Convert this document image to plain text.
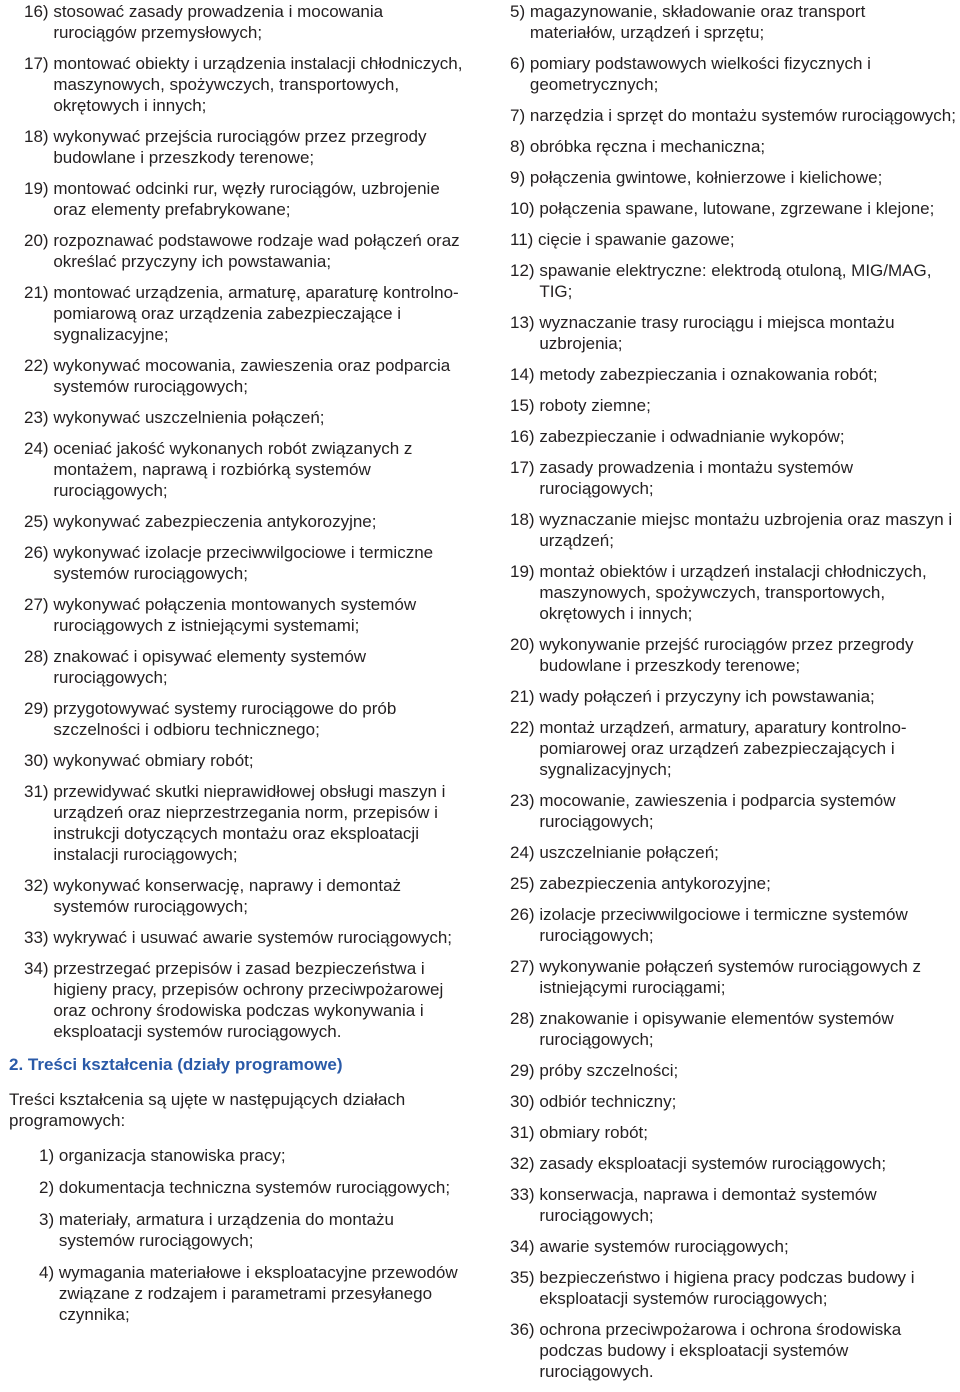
16)
stosować zasady prowadzenia i mocowania rurociągów przemysłowych;
17)
montować obiekty i urządzenia instalacji chłodniczych, maszynowych, spożywczych, transportowych, okrętowych i innych;
18)
wykonywać przejścia rurociągów przez przegrody budowlane i przeszkody terenowe;
19)
montować odcinki rur, węzły rurociągów, uzbrojenie oraz elementy prefabrykowane;
20)
rozpoznawać podstawowe rodzaje wad połączeń oraz określać przyczyny ich powstawania;
21)
montować urządzenia, armaturę, aparaturę kontrolno-pomiarową oraz urządzenia zabezpieczające i sygnalizacyjne;
22)
wykonywać mocowania, zawieszenia oraz podparcia systemów rurociągowych;
23)
wykonywać uszczelnienia połączeń;
24)
oceniać jakość wykonanych robót związanych z montażem, naprawą i rozbiórką systemów rurociągowych;
25)
wykonywać zabezpieczenia antykorozyjne;
26)
wykonywać izolacje przeciwwilgociowe i termiczne systemów rurociągowych;
27)
wykonywać połączenia montowanych systemów rurociągowych z istniejącymi systemami;
28)
znakować i opisywać elementy systemów rurociągowych;
29)
przygotowywać systemy rurociągowe do prób szczelności i odbioru technicznego;
30)
wykonywać obmiary robót;
31)
przewidywać skutki nieprawidłowej obsługi maszyn i urządzeń oraz nieprzestrzegania norm, przepisów i instrukcji dotyczących montażu oraz eksploatacji instalacji rurociągowych;
32)
wykonywać konserwację, naprawy i demontaż systemów rurociągowych;
33)
wykrywać i usuwać awarie systemów rurociągowych;
34)
przestrzegać przepisów i zasad bezpieczeństwa i higieny pracy, przepisów ochrony przeciwpożarowej oraz ochrony środowiska podczas wykonywania i eksploatacji systemów rurociągowych.
2. Treści kształcenia (działy programowe)
Treści kształcenia są ujęte w następujących działach programowych:
1)
organizacja stanowiska pracy;
2)
dokumentacja techniczna systemów rurociągowych;
3)
materiały, armatura i urządzenia do montażu systemów rurociągowych;
4)
wymagania materiałowe i eksploatacyjne przewodów związane z rodzajem i parametrami przesyłanego czynnika;
5)
magazynowanie, składowanie oraz transport materiałów, urządzeń i sprzętu;
6)
pomiary podstawowych wielkości fizycznych i geometrycznych;
7)
narzędzia i sprzęt do montażu systemów rurociągowych;
8)
obróbka ręczna i mechaniczna;
9)
połączenia gwintowe, kołnierzowe i kielichowe;
10)
połączenia spawane, lutowane, zgrzewane i klejone;
11)
cięcie i spawanie gazowe;
12)
spawanie elektryczne: elektrodą otuloną, MIG/MAG, TIG;
13)
wyznaczanie trasy rurociągu i miejsca montażu uzbrojenia;
14)
metody zabezpieczania i oznakowania robót;
15)
roboty ziemne;
16)
zabezpieczanie i odwadnianie wykopów;
17)
zasady prowadzenia i montażu systemów rurociągowych;
18)
wyznaczanie miejsc montażu uzbrojenia oraz maszyn i urządzeń;
19)
montaż obiektów i urządzeń instalacji chłodniczych, maszynowych, spożywczych, transportowych, okrętowych i innych;
20)
wykonywanie przejść rurociągów przez przegrody budowlane i przeszkody terenowe;
21)
wady połączeń i przyczyny ich powstawania;
22)
montaż urządzeń, armatury, aparatury kontrolno-pomiarowej oraz urządzeń zabezpieczających i sygnalizacyjnych;
23)
mocowanie, zawieszenia i podparcia systemów rurociągowych;
24)
uszczelnianie połączeń;
25)
zabezpieczenia antykorozyjne;
26)
izolacje przeciwwilgociowe i termiczne systemów rurociągowych;
27)
wykonywanie połączeń systemów rurociągowych z istniejącymi rurociągami;
28)
znakowanie i opisywanie elementów systemów rurociągowych;
29)
próby szczelności;
30)
odbiór techniczny;
31)
obmiary robót;
32)
zasady eksploatacji systemów rurociągowych;
33)
konserwacja, naprawa i demontaż systemów rurociągowych;
34)
awarie systemów rurociągowych;
35)
bezpieczeństwo i higiena pracy podczas budowy i eksploatacji systemów rurociągowych;
36)
ochrona przeciwpożarowa i ochrona środowiska podczas budowy i eksploatacji systemów rurociągowych.
